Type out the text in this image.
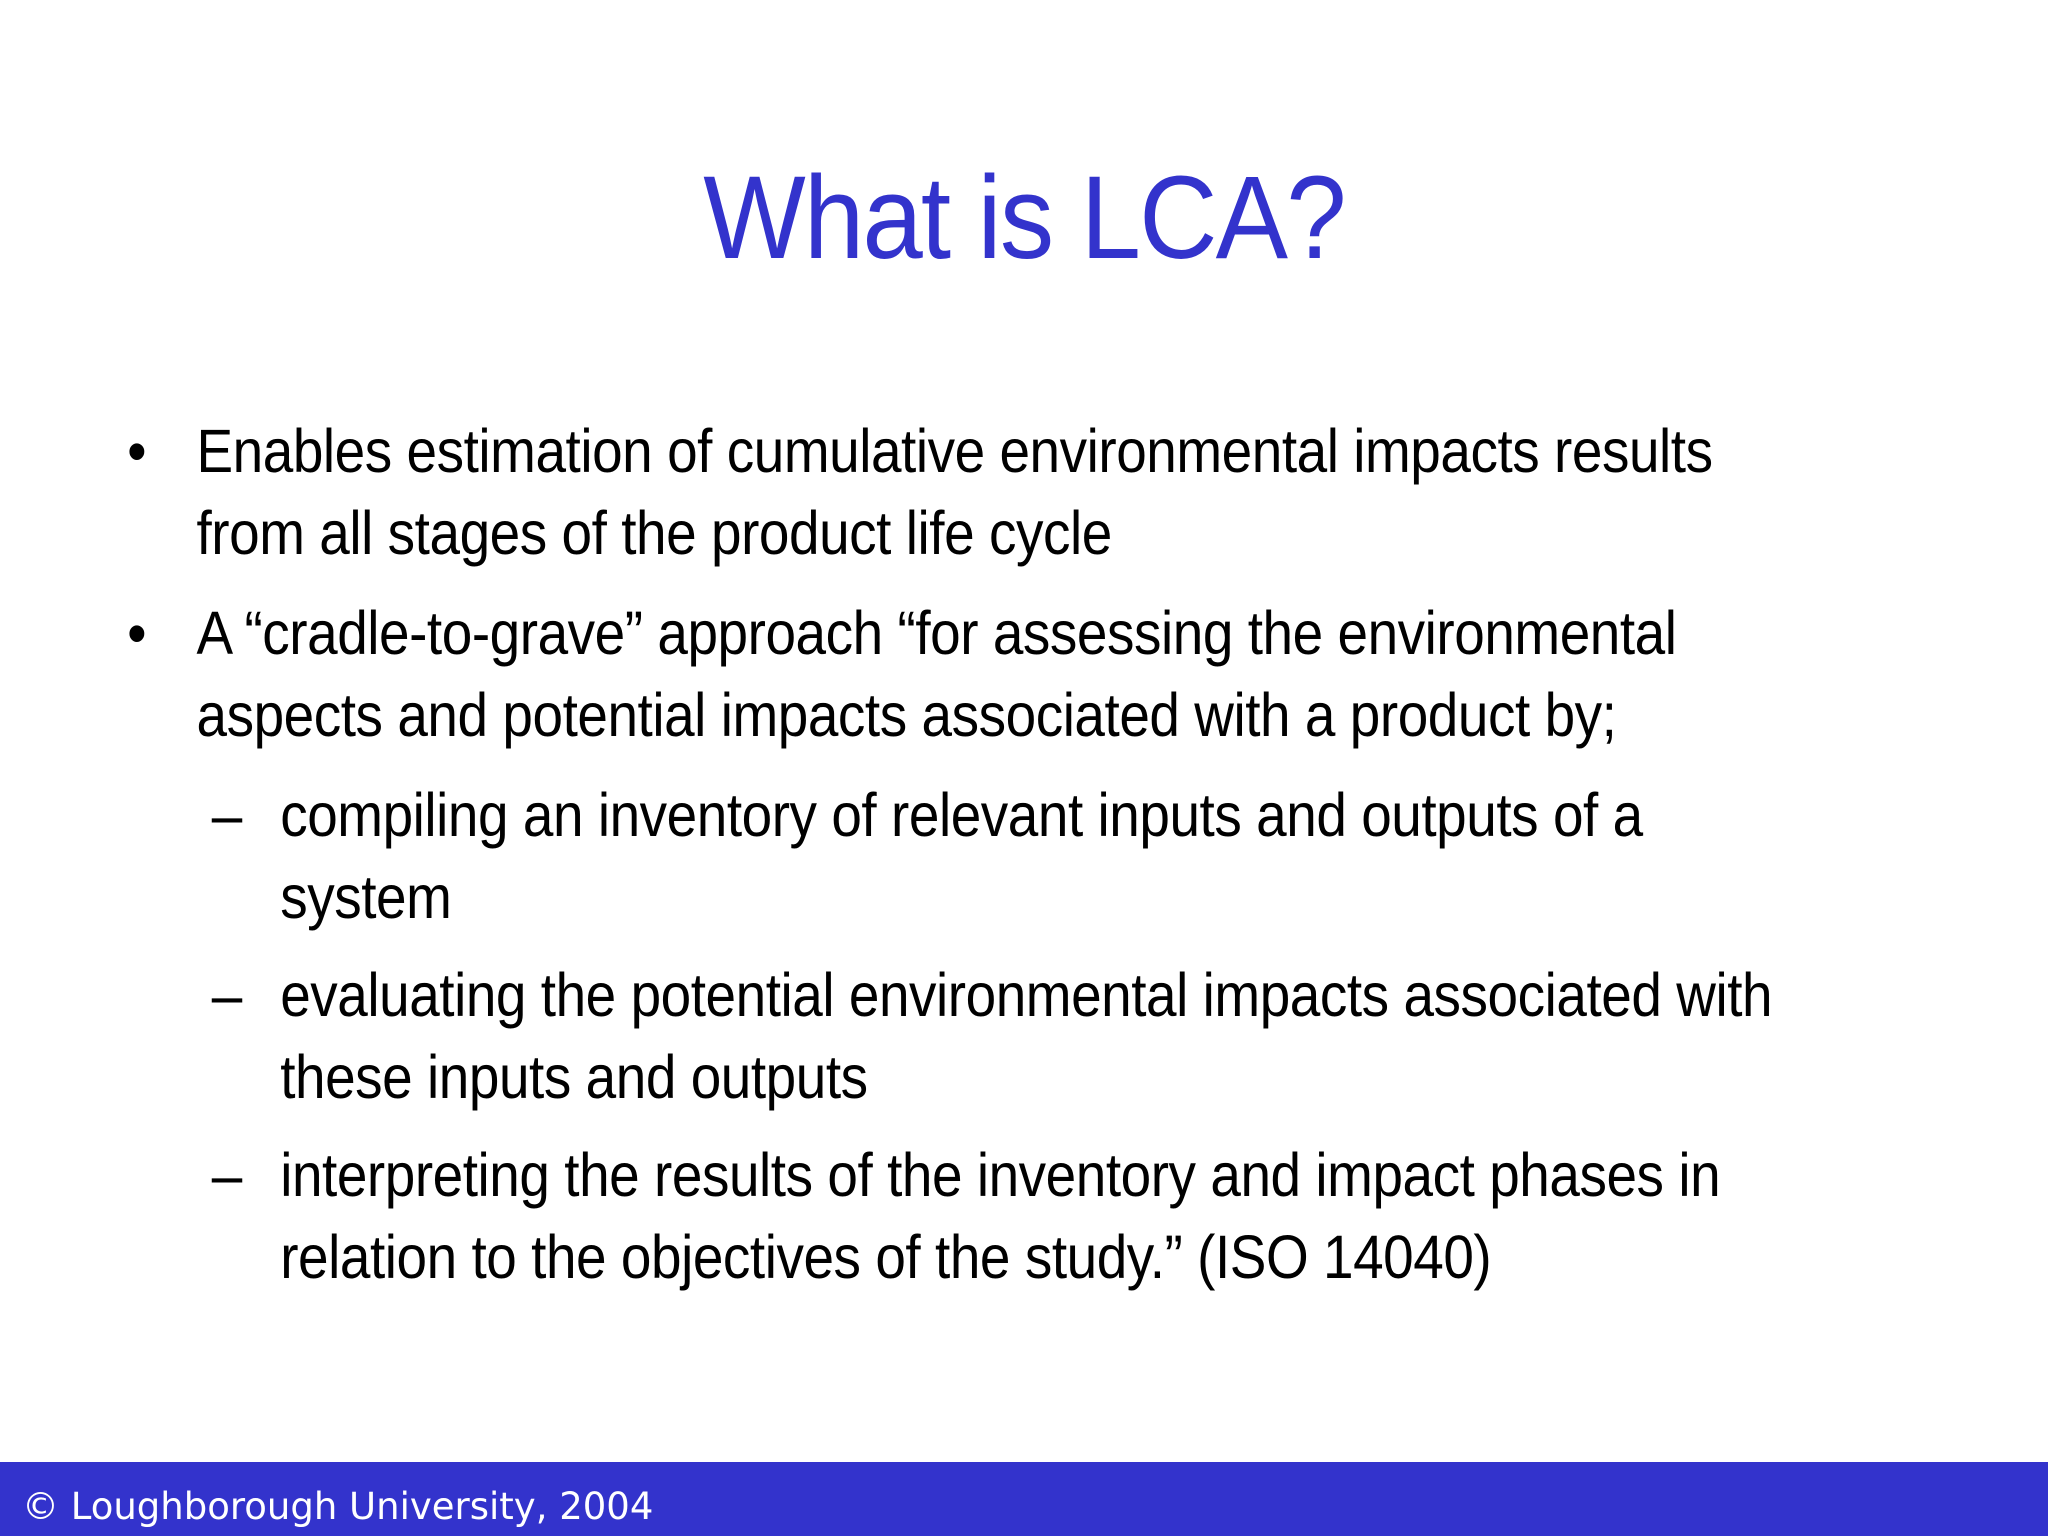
What is LCA?
• Enables estimation of cumulative environmental impacts results from all stages of the product life cycle
• A “cradle-to-grave” approach “for assessing the environmental aspects and potential impacts associated with a product by;
– compiling an inventory of relevant inputs and outputs of a system
– evaluating the potential environmental impacts associated with these inputs and outputs
– interpreting the results of the inventory and impact phases in relation to the objectives of the study.” (ISO 14040)
© Loughborough University, 2004
